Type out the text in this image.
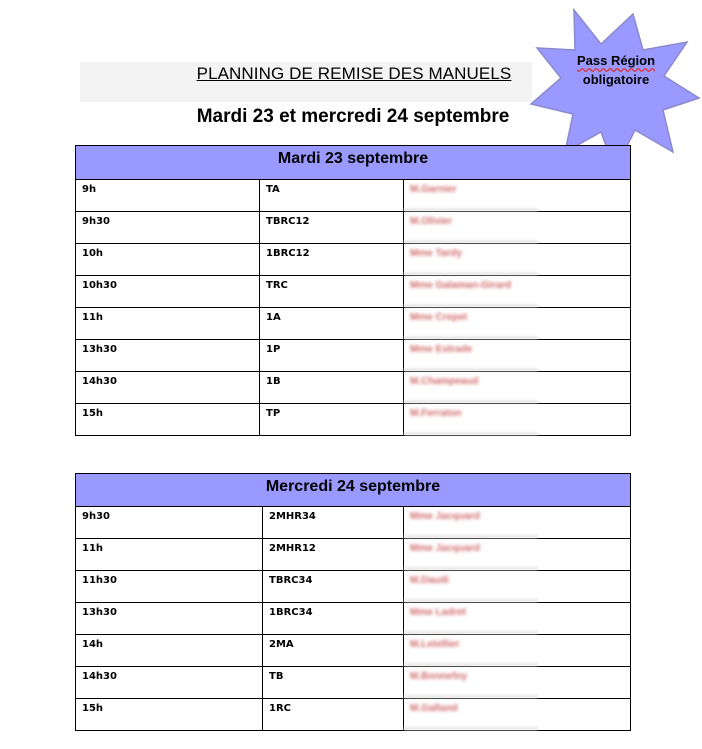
PLANNING DE REMISE DES MANUELS
Mardi 23 et mercredi 24 septembre
Pass Région
obligatoire
Mardi 23 septembre		
9h	TA	M.Garnier

9h30	TBRC12	M.Olivier

10h	1BRC12	Mme Tardy

10h30	TRC	Mme Galaman-Girard

11h	1A	Mme Crepet

13h30	1P	Mme Estrade

14h30	1B	M.Champeaud

15h	TP	M.Ferraton
Mercredi 24 septembre		
9h30	2MHR34	Mme Jacquard

11h	2MHR12	Mme Jacquard

11h30	TBRC34	M.Daudi

13h30	1BRC34	Mme Ladret

14h	2MA	M.Letellier

14h30	TB	M.Bonnefoy

15h	1RC	M.Galland
